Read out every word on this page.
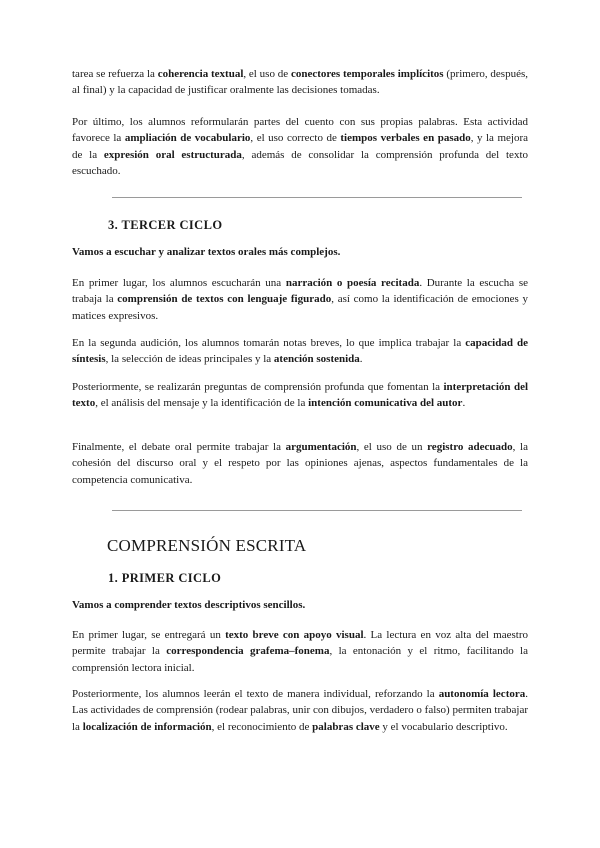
tarea se refuerza la coherencia textual, el uso de conectores temporales implícitos (primero, después, al final) y la capacidad de justificar oralmente las decisiones tomadas.

Por último, los alumnos reformularán partes del cuento con sus propias palabras. Esta actividad favorece la ampliación de vocabulario, el uso correcto de tiempos verbales en pasado, y la mejora de la expresión oral estructurada, además de consolidar la comprensión profunda del texto escuchado.

3. TERCER CICLO

Vamos a escuchar y analizar textos orales más complejos.

En primer lugar, los alumnos escucharán una narración o poesía recitada. Durante la escucha se trabaja la comprensión de textos con lenguaje figurado, así como la identificación de emociones y matices expresivos.

En la segunda audición, los alumnos tomarán notas breves, lo que implica trabajar la capacidad de síntesis, la selección de ideas principales y la atención sostenida.

Posteriormente, se realizarán preguntas de comprensión profunda que fomentan la interpretación del texto, el análisis del mensaje y la identificación de la intención comunicativa del autor.

Finalmente, el debate oral permite trabajar la argumentación, el uso de un registro adecuado, la cohesión del discurso oral y el respeto por las opiniones ajenas, aspectos fundamentales de la competencia comunicativa.

COMPRENSIÓN ESCRITA
1. PRIMER CICLO

Vamos a comprender textos descriptivos sencillos.

En primer lugar, se entregará un texto breve con apoyo visual. La lectura en voz alta del maestro permite trabajar la correspondencia grafema–fonema, la entonación y el ritmo, facilitando la comprensión lectora inicial.

Posteriormente, los alumnos leerán el texto de manera individual, reforzando la autonomía lectora. Las actividades de comprensión (rodear palabras, unir con dibujos, verdadero o falso) permiten trabajar la localización de información, el reconocimiento de palabras clave y el vocabulario descriptivo.
